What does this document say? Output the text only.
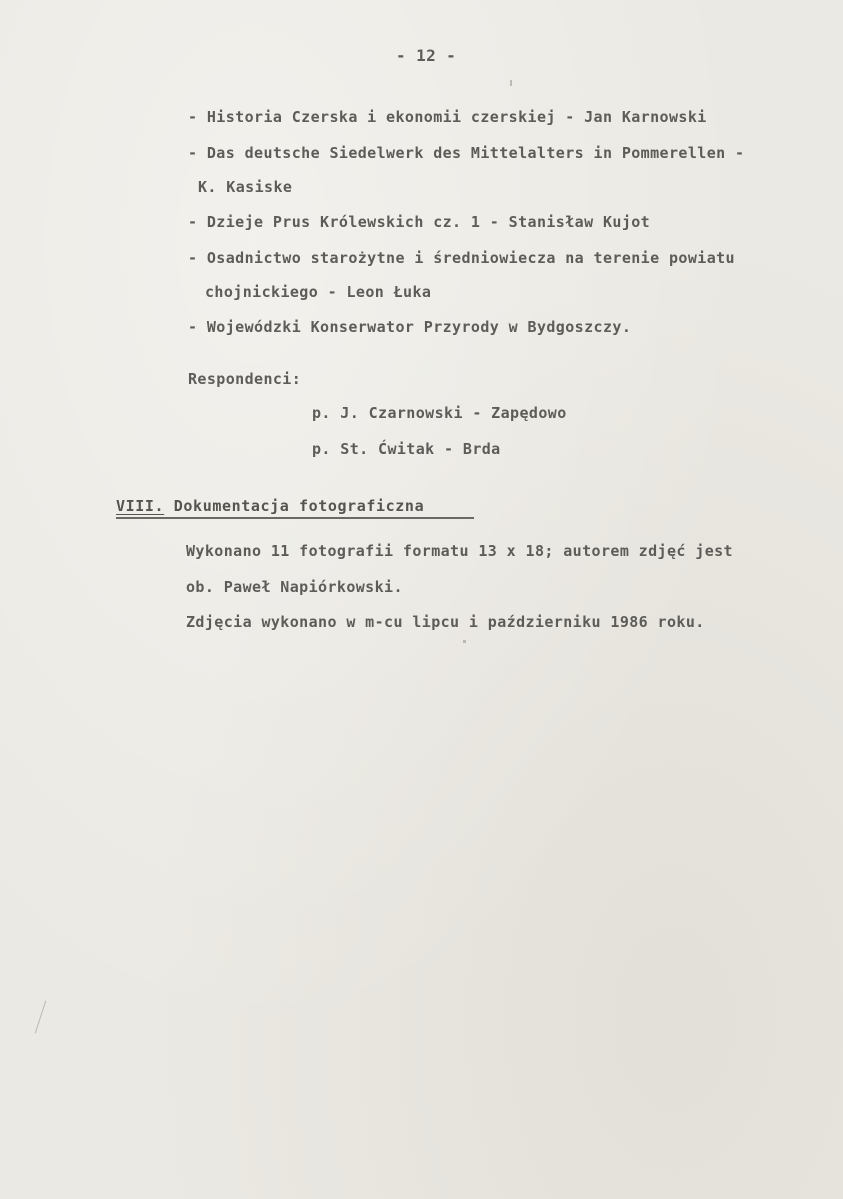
- 12 -
- Historia Czerska i ekonomii czerskiej - Jan Karnowski
- Das deutsche Siedelwerk des Mittelalters in Pommerellen -
K. Kasiske
- Dzieje Prus Królewskich cz. 1 - Stanisław Kujot
- Osadnictwo starożytne i średniowiecza na terenie powiatu
chojnickiego - Leon Łuka
- Wojewódzki Konserwator Przyrody w Bydgoszczy.
Respondenci:
p. J. Czarnowski - Zapędowo
p. St. Ćwitak - Brda
VIII. Dokumentacja fotograficzna
Wykonano 11 fotografii formatu 13 x 18; autorem zdjęć jest
ob. Paweł Napiórkowski.
Zdjęcia wykonano w m-cu lipcu i październiku 1986 roku.
